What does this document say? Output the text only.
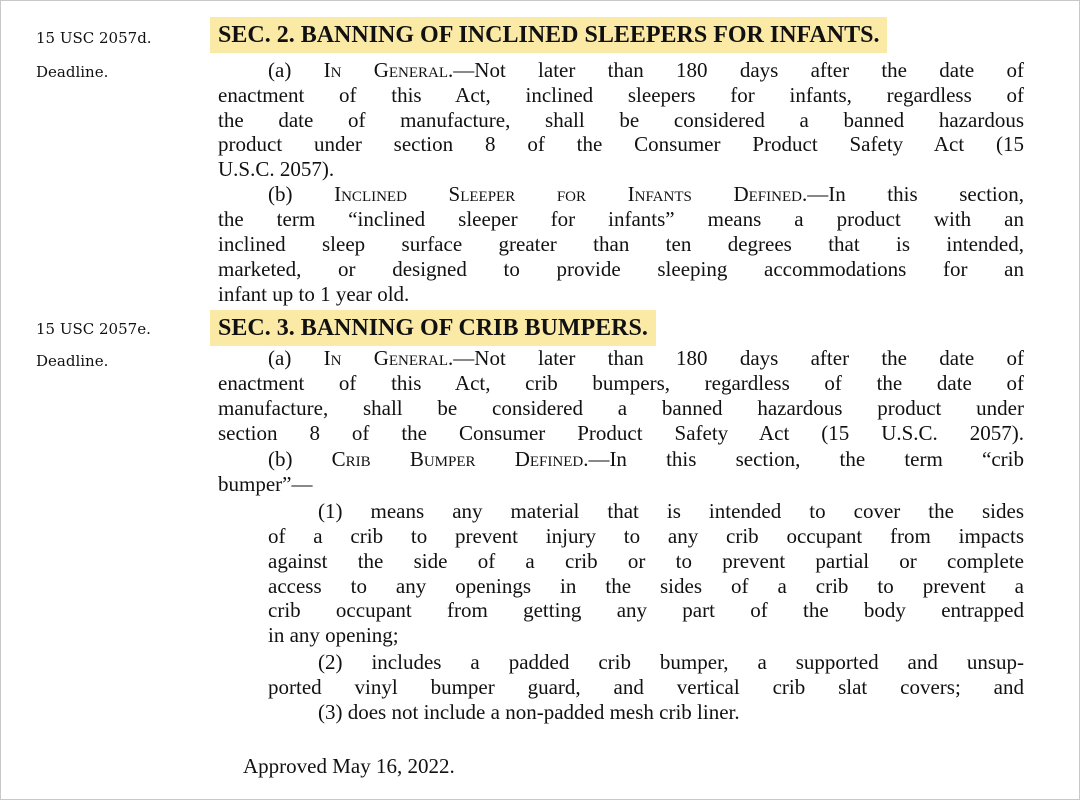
15 USC 2057d.
Deadline.
SEC. 2. BANNING OF INCLINED SLEEPERS FOR INFANTS.
(a) In General.—Not later than 180 days after the date of
enactment of this Act, inclined sleepers for infants, regardless of
the date of manufacture, shall be considered a banned hazardous
product under section 8 of the Consumer Product Safety Act (15
U.S.C. 2057).
(b) Inclined Sleeper for Infants Defined.—In this section,
the term “inclined sleeper for infants” means a product with an
inclined sleep surface greater than ten degrees that is intended,
marketed, or designed to provide sleeping accommodations for an
infant up to 1 year old.
15 USC 2057e.
Deadline.
SEC. 3. BANNING OF CRIB BUMPERS.
(a) In General.—Not later than 180 days after the date of
enactment of this Act, crib bumpers, regardless of the date of
manufacture, shall be considered a banned hazardous product under
section 8 of the Consumer Product Safety Act (15 U.S.C. 2057).
(b) Crib Bumper Defined.—In this section, the term “crib
bumper”—
(1) means any material that is intended to cover the sides
of a crib to prevent injury to any crib occupant from impacts
against the side of a crib or to prevent partial or complete
access to any openings in the sides of a crib to prevent a
crib occupant from getting any part of the body entrapped
in any opening;
(2) includes a padded crib bumper, a supported and unsup-
ported vinyl bumper guard, and vertical crib slat covers; and
(3) does not include a non-padded mesh crib liner.
Approved May 16, 2022.
